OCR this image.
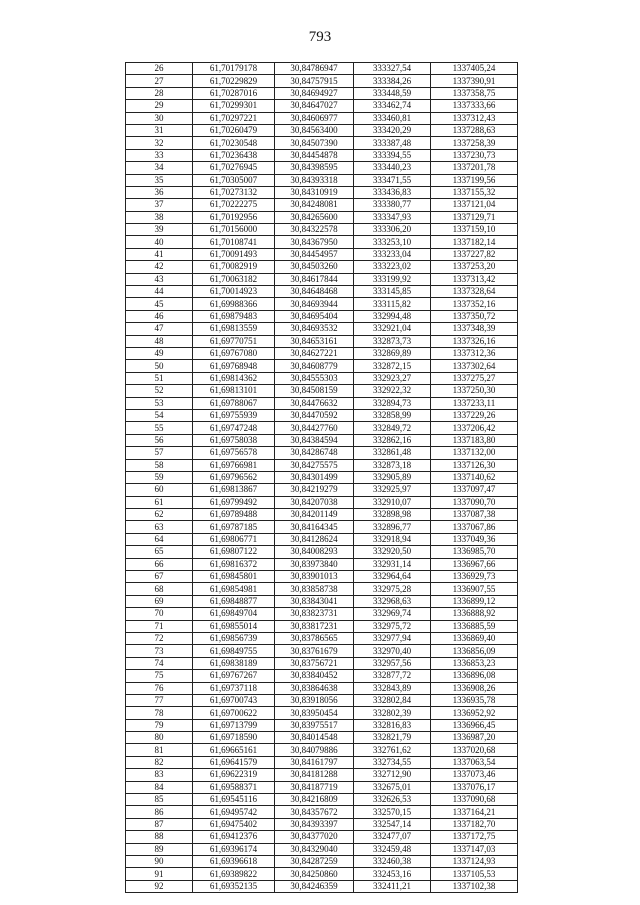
793
26	61,70179178	30,84786947	333327,54	1337405,24
27	61,70229829	30,84757915	333384,26	1337390,91
28	61,70287016	30,84694927	333448,59	1337358,75
29	61,70299301	30,84647027	333462,74	1337333,66
30	61,70297221	30,84606977	333460,81	1337312,43
31	61,70260479	30,84563400	333420,29	1337288,63
32	61,70230548	30,84507390	333387,48	1337258,39
33	61,70236438	30,84454878	333394,55	1337230,73
34	61,70276945	30,84398595	333440,23	1337201,78
35	61,70305007	30,84393318	333471,55	1337199,56
36	61,70273132	30,84310919	333436,83	1337155,32
37	61,70222275	30,84248081	333380,77	1337121,04
38	61,70192956	30,84265600	333347,93	1337129,71
39	61,70156000	30,84322578	333306,20	1337159,10
40	61,70108741	30,84367950	333253,10	1337182,14
41	61,70091493	30,84454957	333233,04	1337227,82
42	61,70082919	30,84503260	333223,02	1337253,20
43	61,70063182	30,84617844	333199,92	1337313,42
44	61,70014923	30,84648468	333145,85	1337328,64
45	61,69988366	30,84693944	333115,82	1337352,16
46	61,69879483	30,84695404	332994,48	1337350,72
47	61,69813559	30,84693532	332921,04	1337348,39
48	61,69770751	30,84653161	332873,73	1337326,16
49	61,69767080	30,84627221	332869,89	1337312,36
50	61,69768948	30,84608779	332872,15	1337302,64
51	61,69814362	30,84555303	332923,27	1337275,27
52	61,69813101	30,84508159	332922,32	1337250,30
53	61,69788067	30,84476632	332894,73	1337233,11
54	61,69755939	30,84470592	332858,99	1337229,26
55	61,69747248	30,84427760	332849,72	1337206,42
56	61,69758038	30,84384594	332862,16	1337183,80
57	61,69756578	30,84286748	332861,48	1337132,00
58	61,69766981	30,84275575	332873,18	1337126,30
59	61,69796562	30,84301499	332905,89	1337140,62
60	61,69813867	30,84219279	332925,97	1337097,47
61	61,69799492	30,84207038	332910,07	1337090,70
62	61,69789488	30,84201149	332898,98	1337087,38
63	61,69787185	30,84164345	332896,77	1337067,86
64	61,69806771	30,84128624	332918,94	1337049,36
65	61,69807122	30,84008293	332920,50	1336985,70
66	61,69816372	30,83973840	332931,14	1336967,66
67	61,69845801	30,83901013	332964,64	1336929,73
68	61,69854981	30,83858738	332975,28	1336907,55
69	61,69848877	30,83843041	332968,63	1336899,12
70	61,69849704	30,83823731	332969,74	1336888,92
71	61,69855014	30,83817231	332975,72	1336885,59
72	61,69856739	30,83786565	332977,94	1336869,40
73	61,69849755	30,83761679	332970,40	1336856,09
74	61,69838189	30,83756721	332957,56	1336853,23
75	61,69767267	30,83840452	332877,72	1336896,08
76	61,69737118	30,83864638	332843,89	1336908,26
77	61,69700743	30,83918056	332802,84	1336935,78
78	61,69700622	30,83950454	332802,39	1336952,92
79	61,69713799	30,83975517	332816,83	1336966,45
80	61,69718590	30,84014548	332821,79	1336987,20
81	61,69665161	30,84079886	332761,62	1337020,68
82	61,69641579	30,84161797	332734,55	1337063,54
83	61,69622319	30,84181288	332712,90	1337073,46
84	61,69588371	30,84187719	332675,01	1337076,17
85	61,69545116	30,84216809	332626,53	1337090,68
86	61,69495742	30,84357672	332570,15	1337164,21
87	61,69475402	30,84393397	332547,14	1337182,70
88	61,69412376	30,84377020	332477,07	1337172,75
89	61,69396174	30,84329040	332459,48	1337147,03
90	61,69396618	30,84287259	332460,38	1337124,93
91	61,69389822	30,84250860	332453,16	1337105,53
92	61,69352135	30,84246359	332411,21	1337102,38
